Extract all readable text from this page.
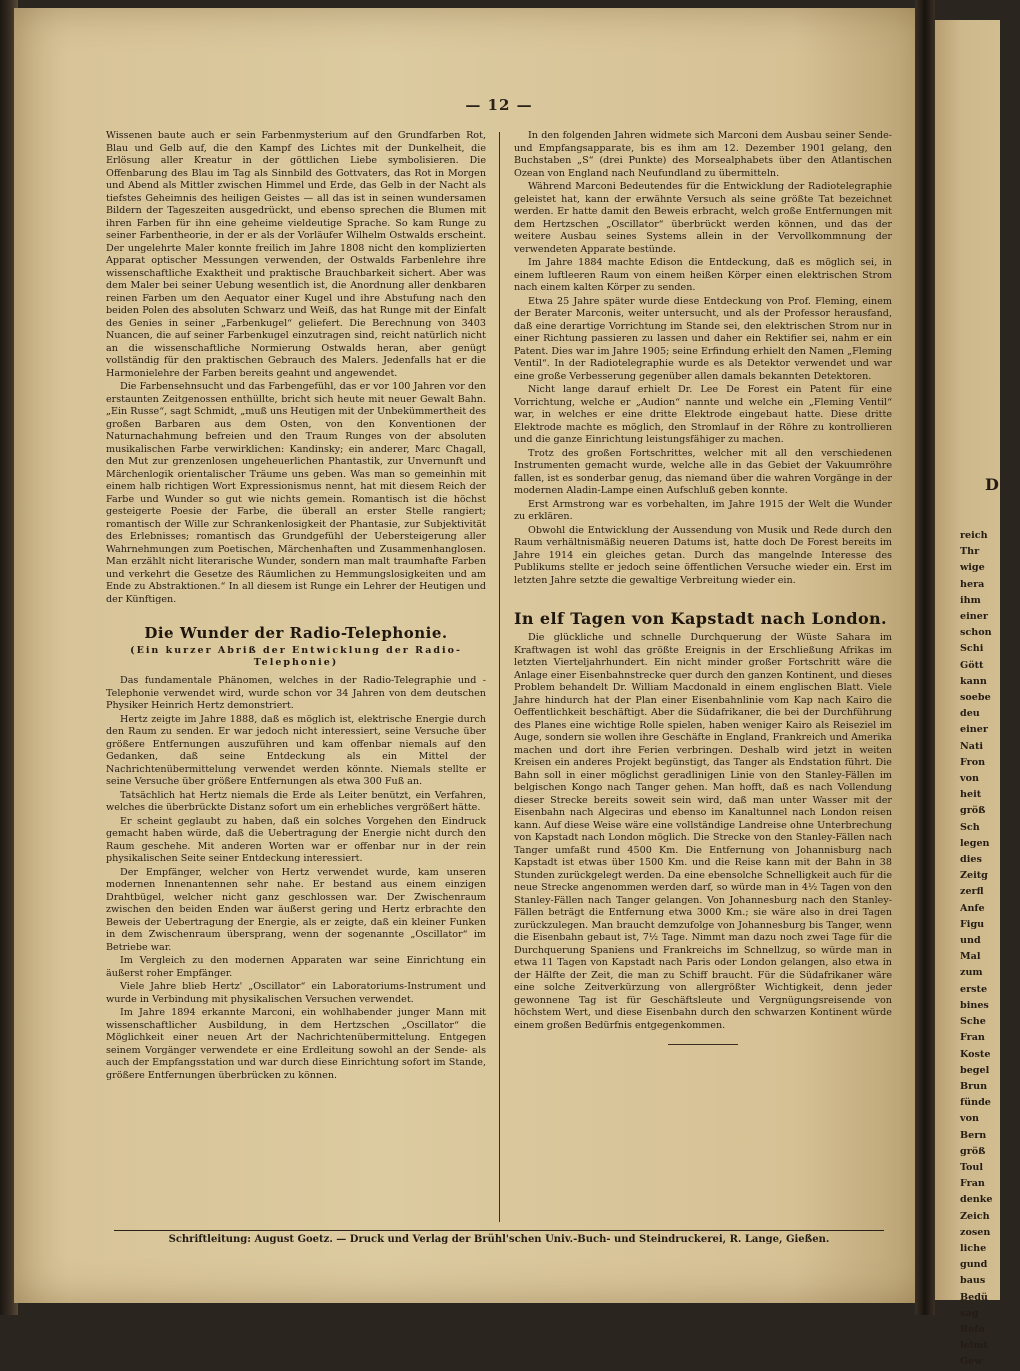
— 12 —

Wissenen baute auch er sein Farbenmysterium auf den Grundfarben Rot, Blau und Gelb auf, die den Kampf des Lichtes mit der Dunkelheit, die Erlösung aller Kreatur in der göttlichen Liebe symbolisieren. Die Offenbarung des Blau im Tag als Sinnbild des Gottvaters, das Rot in Morgen und Abend als Mittler zwischen Himmel und Erde, das Gelb in der Nacht als tiefstes Geheimnis des heiligen Geistes — all das ist in seinen wundersamen Bildern der Tageszeiten ausgedrückt, und ebenso sprechen die Blumen mit ihren Farben für ihn eine geheime vieldeutige Sprache. So kam Runge zu seiner Farbentheorie, in der er als der Vorläufer Wilhelm Ostwalds erscheint. Der ungelehrte Maler konnte freilich im Jahre 1808 nicht den komplizierten Apparat optischer Messungen verwenden, der Ostwalds Farbenlehre ihre wissenschaftliche Exaktheit und praktische Brauchbarkeit sichert. Aber was dem Maler bei seiner Uebung wesentlich ist, die Anordnung aller denkbaren reinen Farben um den Aequator einer Kugel und ihre Abstufung nach den beiden Polen des absoluten Schwarz und Weiß, das hat Runge mit der Einfalt des Genies in seiner „Farbenkugel“ geliefert. Die Berechnung von 3403 Nuancen, die auf seiner Farbenkugel einzutragen sind, reicht natürlich nicht an die wissenschaftliche Normierung Ostwalds heran, aber genügt vollständig für den praktischen Gebrauch des Malers. Jedenfalls hat er die Harmonielehre der Farben bereits geahnt und angewendet.

Die Farbensehnsucht und das Farbengefühl, das er vor 100 Jahren vor den erstaunten Zeitgenossen enthüllte, bricht sich heute mit neuer Gewalt Bahn. „Ein Russe“, sagt Schmidt, „muß uns Heutigen mit der Unbekümmertheit des großen Barbaren aus dem Osten, von den Konventionen der Naturnachahmung befreien und den Traum Runges von der absoluten musikalischen Farbe verwirklichen: Kandinsky; ein anderer, Marc Chagall, den Mut zur grenzenlosen ungeheuerlichen Phantastik, zur Unvernunft und Märchenlogik orientalischer Träume uns geben. Was man so gemeinhin mit einem halb richtigen Wort Expressionismus nennt, hat mit diesem Reich der Farbe und Wunder so gut wie nichts gemein. Romantisch ist die höchst gesteigerte Poesie der Farbe, die überall an erster Stelle rangiert; romantisch der Wille zur Schrankenlosigkeit der Phantasie, zur Subjektivität des Erlebnisses; romantisch das Grundgefühl der Uebersteigerung aller Wahrnehmungen zum Poetischen, Märchenhaften und Zusammenhanglosen. Man erzählt nicht literarische Wunder, sondern man malt traumhafte Farben und verkehrt die Gesetze des Räumlichen zu Hemmungslosigkeiten und am Ende zu Abstraktionen.“ In all diesem ist Runge ein Lehrer der Heutigen und der Künftigen.

Die Wunder der Radio-Telephonie.
(Ein kurzer Abriß der Entwicklung der Radio-Telephonie)

Das fundamentale Phänomen, welches in der Radio-Telegraphie und -Telephonie verwendet wird, wurde schon vor 34 Jahren von dem deutschen Physiker Heinrich Hertz demonstriert.

Hertz zeigte im Jahre 1888, daß es möglich ist, elektrische Energie durch den Raum zu senden. Er war jedoch nicht interessiert, seine Versuche über größere Entfernungen auszuführen und kam offenbar niemals auf den Gedanken, daß seine Entdeckung als ein Mittel der Nachrichtenübermittelung verwendet werden könnte. Niemals stellte er seine Versuche über größere Entfernungen als etwa 300 Fuß an.

Tatsächlich hat Hertz niemals die Erde als Leiter benützt, ein Verfahren, welches die überbrückte Distanz sofort um ein erhebliches vergrößert hätte.

Er scheint geglaubt zu haben, daß ein solches Vorgehen den Eindruck gemacht haben würde, daß die Uebertragung der Energie nicht durch den Raum geschehe. Mit anderen Worten war er offenbar nur in der rein physikalischen Seite seiner Entdeckung interessiert.

Der Empfänger, welcher von Hertz verwendet wurde, kam unseren modernen Innenantennen sehr nahe. Er bestand aus einem einzigen Drahtbügel, welcher nicht ganz geschlossen war. Der Zwischenraum zwischen den beiden Enden war äußerst gering und Hertz erbrachte den Beweis der Uebertragung der Energie, als er zeigte, daß ein kleiner Funken in dem Zwischenraum übersprang, wenn der sogenannte „Oscillator“ im Betriebe war.

Im Vergleich zu den modernen Apparaten war seine Einrichtung ein äußerst roher Empfänger.

Viele Jahre blieb Hertz' „Oscillator“ ein Laboratoriums-Instrument und wurde in Verbindung mit physikalischen Versuchen verwendet.

Im Jahre 1894 erkannte Marconi, ein wohlhabender junger Mann mit wissenschaftlicher Ausbildung, in dem Hertzschen „Oscillator“ die Möglichkeit einer neuen Art der Nachrichtenübermittelung. Entgegen seinem Vorgänger verwendete er eine Erdleitung sowohl an der Sende- als auch der Empfangsstation und war durch diese Einrichtung sofort im Stande, größere Entfernungen überbrücken zu können.

In den folgenden Jahren widmete sich Marconi dem Ausbau seiner Sende- und Empfangsapparate, bis es ihm am 12. Dezember 1901 gelang, den Buchstaben „S“ (drei Punkte) des Morsealphabets über den Atlantischen Ozean von England nach Neufundland zu übermitteln.

Während Marconi Bedeutendes für die Entwicklung der Radiotelegraphie geleistet hat, kann der erwähnte Versuch als seine größte Tat bezeichnet werden. Er hatte damit den Beweis erbracht, welch große Entfernungen mit dem Hertzschen „Oscillator“ überbrückt werden können, und das der weitere Ausbau seines Systems allein in der Vervollkommnung der verwendeten Apparate bestünde.

Im Jahre 1884 machte Edison die Entdeckung, daß es möglich sei, in einem luftleeren Raum von einem heißen Körper einen elektrischen Strom nach einem kalten Körper zu senden.

Etwa 25 Jahre später wurde diese Entdeckung von Prof. Fleming, einem der Berater Marconis, weiter untersucht, und als der Professor herausfand, daß eine derartige Vorrichtung im Stande sei, den elektrischen Strom nur in einer Richtung passieren zu lassen und daher ein Rektifier sei, nahm er ein Patent. Dies war im Jahre 1905; seine Erfindung erhielt den Namen „Fleming Ventil“. In der Radiotelegraphie wurde es als Detektor verwendet und war eine große Verbesserung gegenüber allen damals bekannten Detektoren.

Nicht lange darauf erhielt Dr. Lee De Forest ein Patent für eine Vorrichtung, welche er „Audion“ nannte und welche ein „Fleming Ventil“ war, in welches er eine dritte Elektrode eingebaut hatte. Diese dritte Elektrode machte es möglich, den Stromlauf in der Röhre zu kontrollieren und die ganze Einrichtung leistungsfähiger zu machen.

Trotz des großen Fortschrittes, welcher mit all den verschiedenen Instrumenten gemacht wurde, welche alle in das Gebiet der Vakuumröhre fallen, ist es sonderbar genug, das niemand über die wahren Vorgänge in der modernen Aladin-Lampe einen Aufschluß geben konnte.

Erst Armstrong war es vorbehalten, im Jahre 1915 der Welt die Wunder zu erklären.

Obwohl die Entwicklung der Aussendung von Musik und Rede durch den Raum verhältnismäßig neueren Datums ist, hatte doch De Forest bereits im Jahre 1914 ein gleiches getan. Durch das mangelnde Interesse des Publikums stellte er jedoch seine öffentlichen Versuche wieder ein. Erst im letzten Jahre setzte die gewaltige Verbreitung wieder ein.

In elf Tagen von Kapstadt nach London.

Die glückliche und schnelle Durchquerung der Wüste Sahara im Kraftwagen ist wohl das größte Ereignis in der Erschließung Afrikas im letzten Vierteljahrhundert. Ein nicht minder großer Fortschritt wäre die Anlage einer Eisenbahnstrecke quer durch den ganzen Kontinent, und dieses Problem behandelt Dr. William Macdonald in einem englischen Blatt. Viele Jahre hindurch hat der Plan einer Eisenbahnlinie vom Kap nach Kairo die Oeffentlichkeit beschäftigt. Aber die Südafrikaner, die bei der Durchführung des Planes eine wichtige Rolle spielen, haben weniger Kairo als Reiseziel im Auge, sondern sie wollen ihre Geschäfte in England, Frankreich und Amerika machen und dort ihre Ferien verbringen. Deshalb wird jetzt in weiten Kreisen ein anderes Projekt begünstigt, das Tanger als Endstation führt. Die Bahn soll in einer möglichst geradlinigen Linie von den Stanley-Fällen im belgischen Kongo nach Tanger gehen. Man hofft, daß es nach Vollendung dieser Strecke bereits soweit sein wird, daß man unter Wasser mit der Eisenbahn nach Algeciras und ebenso im Kanaltunnel nach London reisen kann. Auf diese Weise wäre eine vollständige Landreise ohne Unterbrechung von Kapstadt nach London möglich. Die Strecke von den Stanley-Fällen nach Tanger umfaßt rund 4500 Km. Die Entfernung von Johannisburg nach Kapstadt ist etwas über 1500 Km. und die Reise kann mit der Bahn in 38 Stunden zurückgelegt werden. Da eine ebensolche Schnelligkeit auch für die neue Strecke angenommen werden darf, so würde man in 4½ Tagen von den Stanley-Fällen nach Tanger gelangen. Von Johannesburg nach den Stanley-Fällen beträgt die Entfernung etwa 3000 Km.; sie wäre also in drei Tagen zurückzulegen. Man braucht demzufolge von Johannesburg bis Tanger, wenn die Eisenbahn gebaut ist, 7½ Tage. Nimmt man dazu noch zwei Tage für die Durchquerung Spaniens und Frankreichs im Schnellzug, so würde man in etwa 11 Tagen von Kapstadt nach Paris oder London gelangen, also etwa in der Hälfte der Zeit, die man zu Schiff braucht. Für die Südafrikaner wäre eine solche Zeitverkürzung von allergrößter Wichtigkeit, denn jeder gewonnene Tag ist für Geschäftsleute und Vergnügungsreisende von höchstem Wert, und diese Eisenbahn durch den schwarzen Kontinent würde einem großen Bedürfnis entgegenkommen.

Schriftleitung: August Goetz. — Druck und Verlag der Brühl'schen Univ.-Buch- und Steindruckerei, R. Lange, Gießen.
D
reich
Thr
wige
hera
ihm
einer
schon
Schi
Gött
kann
soebe
deu
einer
Nati
Fron
von
heit
größ
Sch
legen
dies
Zeitg
zerfl
Anfe
Figu
und
Mal
zum
erste
bines
Sche
Fran
Koste
begel
Brun
fünde
von
Bern
größ
Toul
Fran
denke
Zeich
zosen
liche
gund
baus
Bedü
sag
Befo
leimt
Gew
